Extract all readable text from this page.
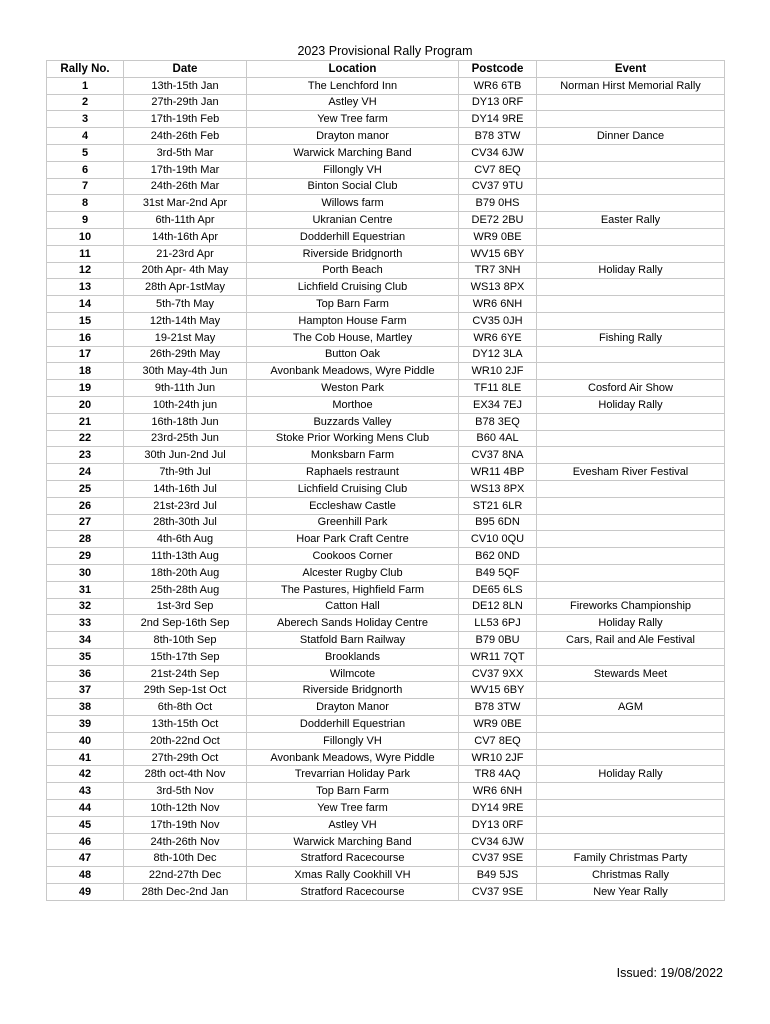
2023 Provisional Rally Program
Rally No.	Date	Location	Postcode	Event
1	13th-15th Jan	The Lenchford Inn	WR6 6TB	Norman Hirst Memorial Rally
2	27th-29th Jan	Astley VH	DY13 0RF	
3	17th-19th Feb	Yew Tree farm	DY14 9RE	
4	24th-26th Feb	Drayton manor	B78 3TW	Dinner Dance
5	3rd-5th Mar	Warwick Marching Band	CV34 6JW	
6	17th-19th Mar	Fillongly VH	CV7 8EQ	
7	24th-26th Mar	Binton Social Club	CV37 9TU	
8	31st Mar-2nd Apr	Willows farm	B79 0HS	
9	6th-11th Apr	Ukranian Centre	DE72 2BU	Easter Rally
10	14th-16th Apr	Dodderhill Equestrian	WR9 0BE	
11	21-23rd Apr	Riverside Bridgnorth	WV15 6BY	
12	20th Apr- 4th May	Porth Beach	TR7 3NH	Holiday Rally
13	28th Apr-1stMay	Lichfield Cruising Club	WS13 8PX	
14	5th-7th May	Top Barn Farm	WR6 6NH	
15	12th-14th May	Hampton House Farm	CV35 0JH	
16	19-21st May	The Cob House, Martley	WR6 6YE	Fishing Rally
17	26th-29th May	Button Oak	DY12 3LA	
18	30th May-4th Jun	Avonbank Meadows, Wyre Piddle	WR10 2JF	
19	9th-11th Jun	Weston Park	TF11 8LE	Cosford Air Show
20	10th-24th jun	Morthoe	EX34 7EJ	Holiday Rally
21	16th-18th Jun	Buzzards Valley	B78 3EQ	
22	23rd-25th Jun	Stoke Prior Working Mens Club	B60 4AL	
23	30th Jun-2nd Jul	Monksbarn Farm	CV37 8NA	
24	7th-9th Jul	Raphaels restraunt	WR11 4BP	Evesham River Festival
25	14th-16th Jul	Lichfield Cruising Club	WS13 8PX	
26	21st-23rd Jul	Eccleshaw Castle	ST21 6LR	
27	28th-30th Jul	Greenhill Park	B95 6DN	
28	4th-6th Aug	Hoar Park Craft Centre	CV10 0QU	
29	11th-13th Aug	Cookoos Corner	B62 0ND	
30	18th-20th Aug	Alcester Rugby Club	B49 5QF	
31	25th-28th Aug	The Pastures, Highfield Farm	DE65 6LS	
32	1st-3rd Sep	Catton Hall	DE12 8LN	Fireworks Championship
33	2nd Sep-16th Sep	Aberech Sands Holiday Centre	LL53 6PJ	Holiday Rally
34	8th-10th Sep	Statfold Barn Railway	B79 0BU	Cars, Rail and Ale Festival
35	15th-17th Sep	Brooklands	WR11 7QT	
36	21st-24th Sep	Wilmcote	CV37 9XX	Stewards Meet
37	29th Sep-1st Oct	Riverside Bridgnorth	WV15 6BY	
38	6th-8th Oct	Drayton Manor	B78 3TW	AGM
39	13th-15th Oct	Dodderhill Equestrian	WR9 0BE	
40	20th-22nd Oct	Fillongly VH	CV7 8EQ	
41	27th-29th Oct	Avonbank Meadows, Wyre Piddle	WR10 2JF	
42	28th oct-4th Nov	Trevarrian Holiday Park	TR8 4AQ	Holiday Rally
43	3rd-5th Nov	Top Barn Farm	WR6 6NH	
44	10th-12th Nov	Yew Tree farm	DY14 9RE	
45	17th-19th Nov	Astley VH	DY13 0RF	
46	24th-26th Nov	Warwick Marching Band	CV34 6JW	
47	8th-10th Dec	Stratford Racecourse	CV37 9SE	Family Christmas Party
48	22nd-27th Dec	Xmas Rally Cookhill VH	B49 5JS	Christmas Rally
49	28th Dec-2nd Jan	Stratford Racecourse	CV37 9SE	New Year Rally
Issued: 19/08/2022
